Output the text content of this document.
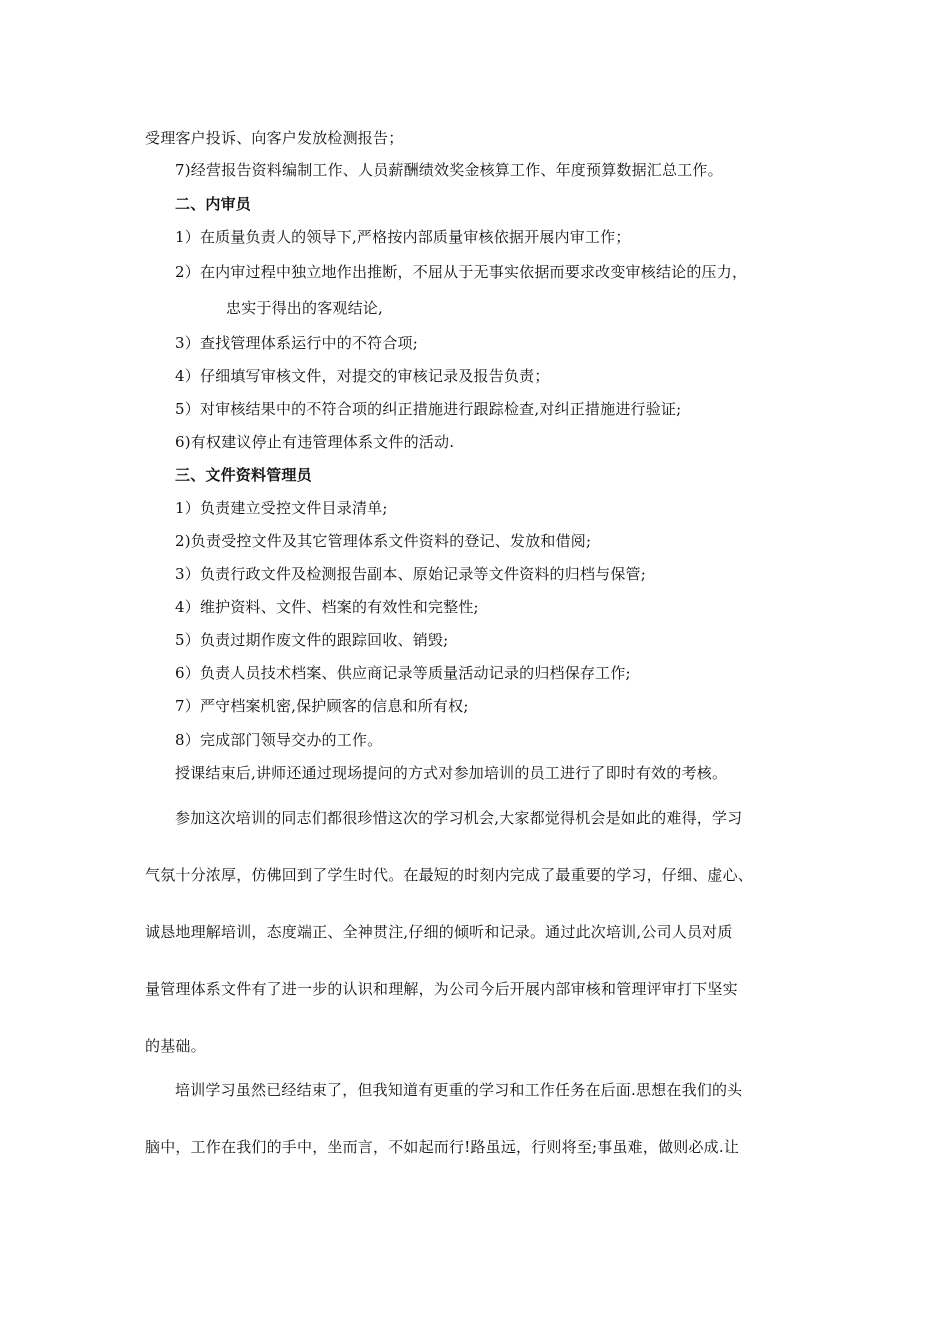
受理客户投诉、向客户发放检测报告；
7)经营报告资料编制工作、人员薪酬绩效奖金核算工作、年度预算数据汇总工作。
二、内审员
1）在质量负责人的领导下,严格按内部质量审核依据开展内审工作；
2）在内审过程中独立地作出推断，不屈从于无事实依据而要求改变审核结论的压力，
忠实于得出的客观结论,
3）查找管理体系运行中的不符合项;
4）仔细填写审核文件，对提交的审核记录及报告负责；
5）对审核结果中的不符合项的纠正措施进行跟踪检查,对纠正措施进行验证;
6)有权建议停止有违管理体系文件的活动.
三、文件资料管理员
1）负责建立受控文件目录清单;
2)负责受控文件及其它管理体系文件资料的登记、发放和借阅;
3）负责行政文件及检测报告副本、原始记录等文件资料的归档与保管;
4）维护资料、文件、档案的有效性和完整性;
5）负责过期作废文件的跟踪回收、销毁;
6）负责人员技术档案、供应商记录等质量活动记录的归档保存工作;
7）严守档案机密,保护顾客的信息和所有权;
8）完成部门领导交办的工作。
授课结束后,讲师还通过现场提问的方式对参加培训的员工进行了即时有效的考核。
参加这次培训的同志们都很珍惜这次的学习机会,大家都觉得机会是如此的难得，学习
气氛十分浓厚，仿佛回到了学生时代。在最短的时刻内完成了最重要的学习，仔细、虚心、
诚恳地理解培训，态度端正、全神贯注,仔细的倾听和记录。通过此次培训,公司人员对质
量管理体系文件有了进一步的认识和理解，为公司今后开展内部审核和管理评审打下坚实
的基础。
培训学习虽然已经结束了，但我知道有更重的学习和工作任务在后面.思想在我们的头
脑中，工作在我们的手中，坐而言，不如起而行!路虽远，行则将至;事虽难，做则必成.让
